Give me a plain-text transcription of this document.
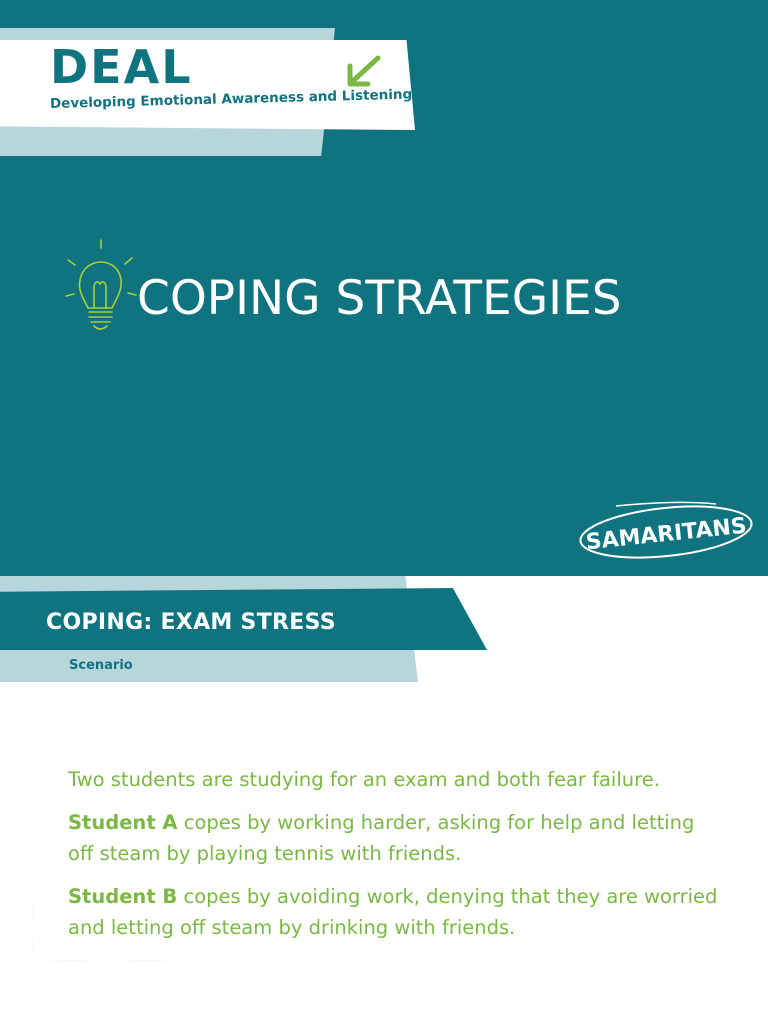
DEAL

Developing Emotional Awareness and Listening

COPING STRATEGIES
SAMARITANS
COPING: EXAM STRESS

Scenario

Two students are studying for an exam and both fear failure.

Student A copes by working harder, asking for help and letting off steam by playing tennis with friends.

Student B copes by avoiding work, denying that they are worried and letting off steam by drinking with friends.
